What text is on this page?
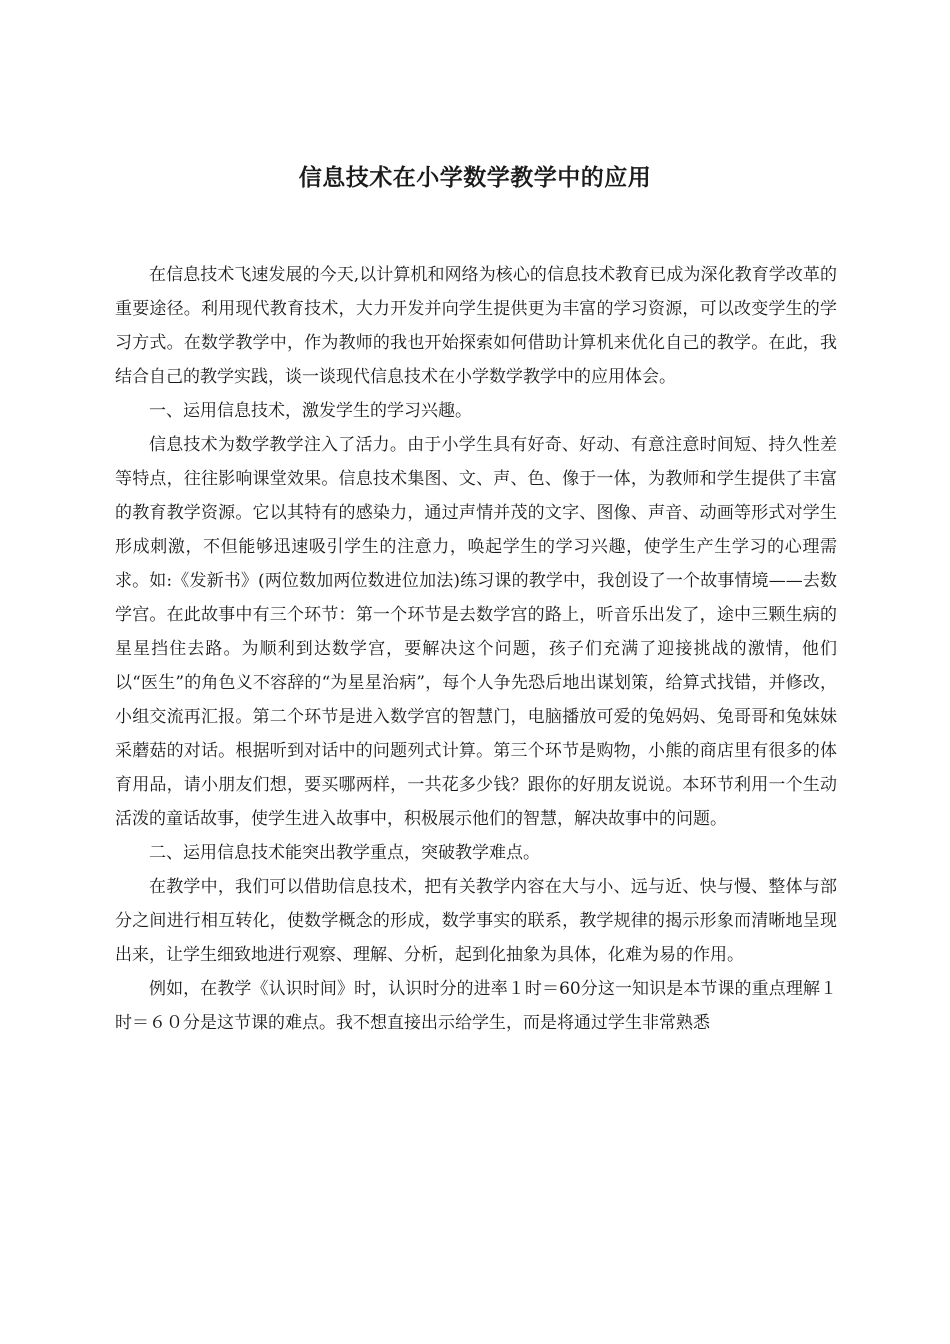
信息技术在小学数学教学中的应用

在信息技术飞速发展的今天,以计算机和网络为核心的信息技术教育已成为深化教育学改革的重要途径。利用现代教育技术，大力开发并向学生提供更为丰富的学习资源，可以改变学生的学习方式。在数学教学中，作为教师的我也开始探索如何借助计算机来优化自己的教学。在此，我结合自己的教学实践，谈一谈现代信息技术在小学数学教学中的应用体会。

一、运用信息技术，激发学生的学习兴趣。

信息技术为数学教学注入了活力。由于小学生具有好奇、好动、有意注意时间短、持久性差等特点，往往影响课堂效果。信息技术集图、文、声、色、像于一体，为教师和学生提供了丰富的教育教学资源。它以其特有的感染力，通过声情并茂的文字、图像、声音、动画等形式对学生形成刺激，不但能够迅速吸引学生的注意力，唤起学生的学习兴趣，使学生产生学习的心理需求。如:《发新书》(两位数加两位数进位加法)练习课的教学中，我创设了一个故事情境——去数学宫。在此故事中有三个环节：第一个环节是去数学宫的路上，听音乐出发了，途中三颗生病的星星挡住去路。为顺利到达数学宫，要解决这个问题，孩子们充满了迎接挑战的激情，他们以“医生”的角色义不容辞的“为星星治病”，每个人争先恐后地出谋划策，给算式找错，并修改，小组交流再汇报。第二个环节是进入数学宫的智慧门，电脑播放可爱的兔妈妈、兔哥哥和兔妹妹采蘑菇的对话。根据听到对话中的问题列式计算。第三个环节是购物，小熊的商店里有很多的体育用品，请小朋友们想，要买哪两样，一共花多少钱？跟你的好朋友说说。本环节利用一个生动活泼的童话故事，使学生进入故事中，积极展示他们的智慧，解决故事中的问题。

二、运用信息技术能突出教学重点，突破教学难点。

在教学中，我们可以借助信息技术，把有关教学内容在大与小、远与近、快与慢、整体与部分之间进行相互转化，使数学概念的形成，数学事实的联系，教学规律的揭示形象而清晰地呈现出来，让学生细致地进行观察、理解、分析，起到化抽象为具体，化难为易的作用。

例如，在教学《认识时间》时，认识时分的进率１时＝60分这一知识是本节课的重点理解１时＝６０分是这节课的难点。我不想直接出示给学生，而是将通过学生非常熟悉
